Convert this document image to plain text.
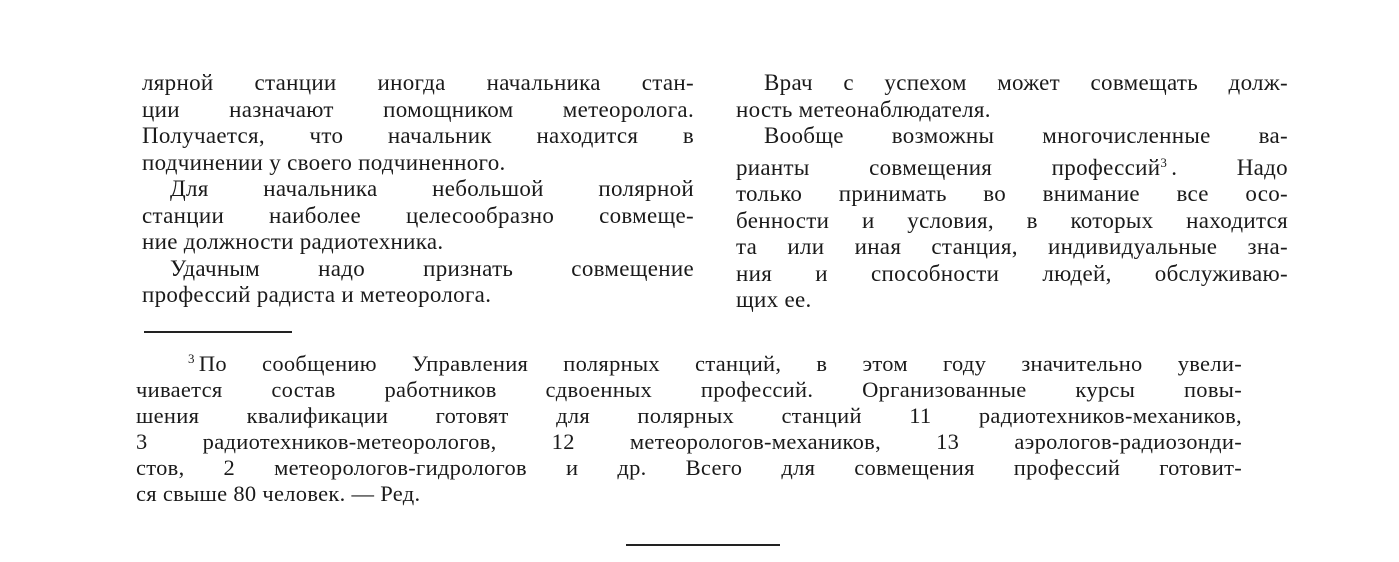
лярной станции иногда начальника стан-
ции назначают помощником метеоролога.
Получается, что начальник находится в
подчинении у своего подчиненного.
Для начальника небольшой полярной
станции наиболее целесообразно совмеще-
ние должности радиотехника.
Удачным надо признать совмещение
профессий радиста и метеоролога.
Врач с успехом может совмещать долж-
ность метеонаблюдателя.
Вообще возможны многочисленные ва-
рианты совмещения профессий$^3$ . Надо
только принимать во внимание все осо-
бенности и условия, в которых находится
та или иная станция, индивидуальные зна-
ния и способности людей, обслуживаю-
щих ее.
$^3$ По сообщению Управления полярных станций, в этом году значительно увели-
чивается состав работников сдвоенных профессий. Организованные курсы повы-
шения квалификации готовят для полярных станций 11 радиотехников-механиков,
3 радиотехников-метеорологов, 12 метеорологов-механиков, 13 аэрологов-радиозонди-
стов, 2 метеорологов-гидрологов и др. Всего для совмещения профессий готовит-
ся свыше 80 человек. — Ред.
